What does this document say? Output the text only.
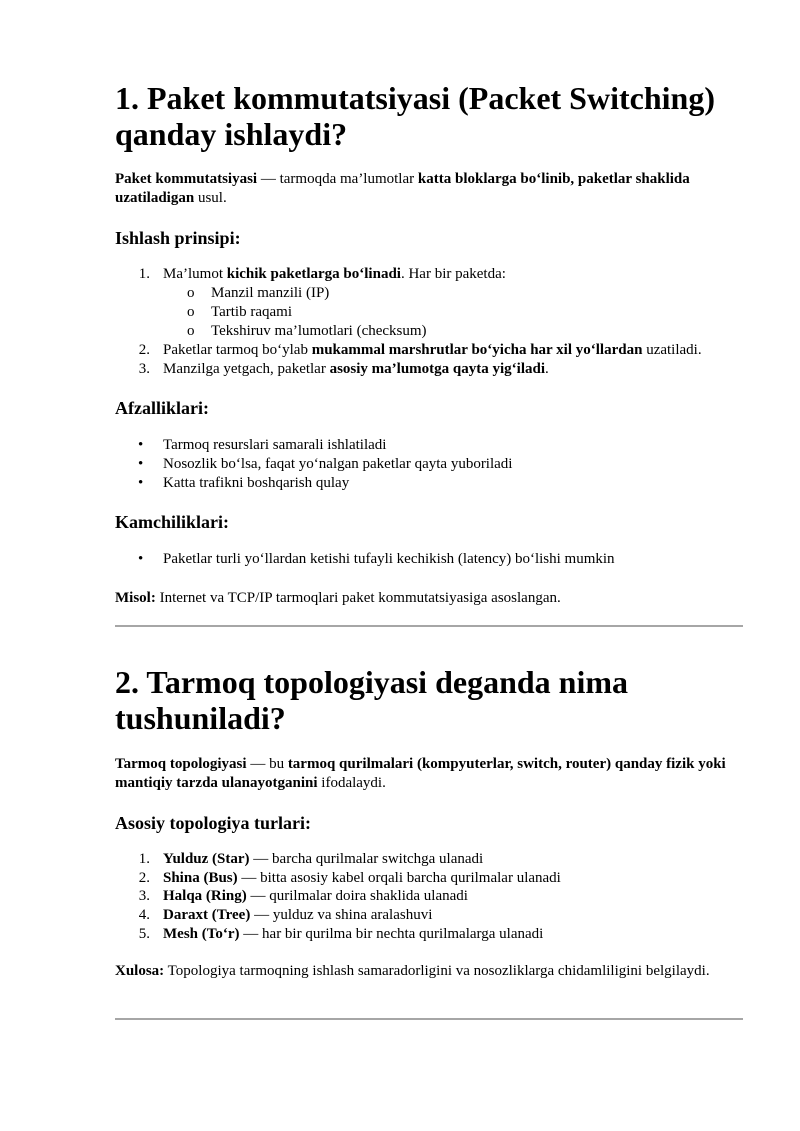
1. Paket kommutatsiyasi (Packet Switching)
qanday ishlaydi?
Paket kommutatsiyasi — tarmoqda ma’lumotlar katta bloklarga bo‘linib, paketlar shaklida uzatiladigan usul.
Ishlash prinsipi:
1. Ma’lumot kichik paketlarga bo‘linadi. Har bir paketda:
o Manzil manzili (IP)
o Tartib raqami
o Tekshiruv ma’lumotlari (checksum)
2. Paketlar tarmoq bo‘ylab mukammal marshrutlar bo‘yicha har xil yo‘llardan uzatiladi.
3. Manzilga yetgach, paketlar asosiy ma’lumotga qayta yig‘iladi.
Afzalliklari:
• Tarmoq resurslari samarali ishlatiladi
• Nosozlik bo‘lsa, faqat yo‘nalgan paketlar qayta yuboriladi
• Katta trafikni boshqarish qulay
Kamchiliklari:
• Paketlar turli yo‘llardan ketishi tufayli kechikish (latency) bo‘lishi mumkin
Misol: Internet va TCP/IP tarmoqlari paket kommutatsiyasiga asoslangan.
2. Tarmoq topologiyasi deganda nima
tushuniladi?
Tarmoq topologiyasi — bu tarmoq qurilmalari (kompyuterlar, switch, router) qanday fizik yoki mantiqiy tarzda ulanayotganini ifodalaydi.
Asosiy topologiya turlari:
1. Yulduz (Star) — barcha qurilmalar switchga ulanadi
2. Shina (Bus) — bitta asosiy kabel orqali barcha qurilmalar ulanadi
3. Halqa (Ring) — qurilmalar doira shaklida ulanadi
4. Daraxt (Tree) — yulduz va shina aralashuvi
5. Mesh (To‘r) — har bir qurilma bir nechta qurilmalarga ulanadi
Xulosa: Topologiya tarmoqning ishlash samaradorligini va nosozliklarga chidamliligini belgilaydi.
